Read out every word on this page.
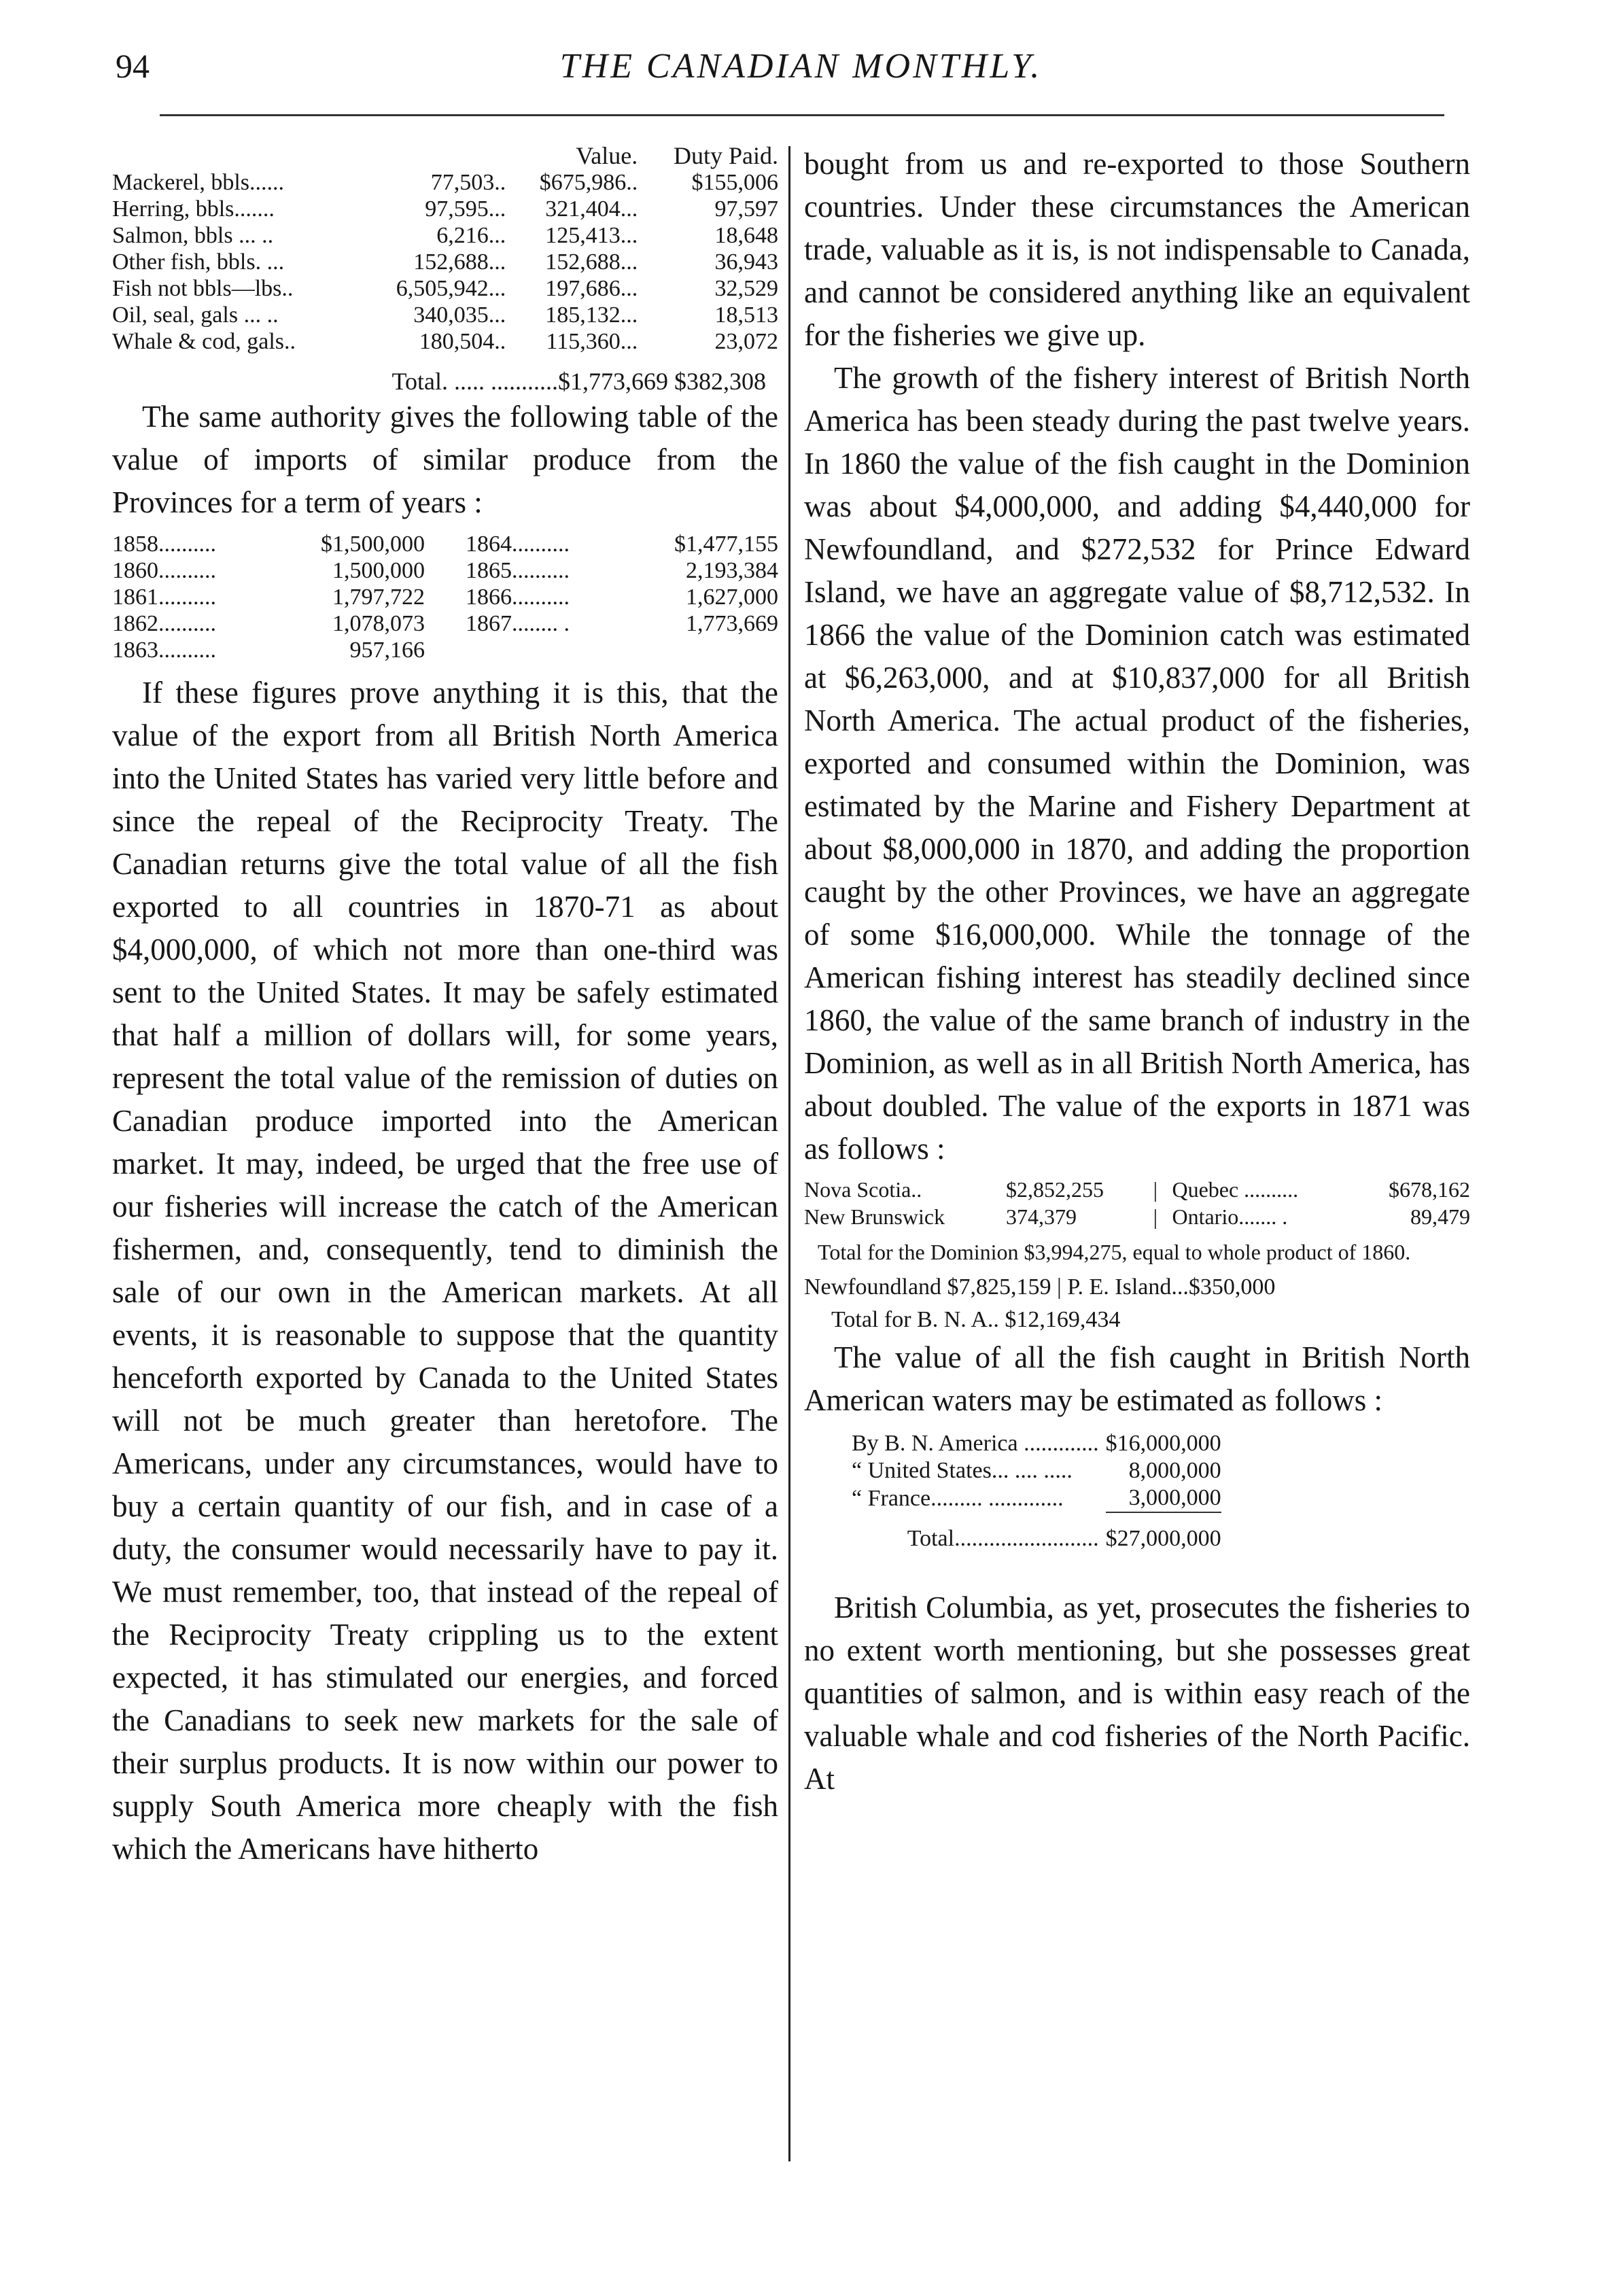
94	THE CANADIAN MONTHLY.
		Value.	Duty Paid.
Mackerel, bbls......	77,503..	$675,986..	$155,006
Herring, bbls.......	97,595...	321,404...	97,597
Salmon, bbls ... ..	6,216...	125,413...	18,648
Other fish, bbls. ...	152,688...	152,688...	36,943
Fish not bbls—lbs..	6,505,942...	197,686...	32,529
Oil, seal, gals ... ..	340,035...	185,132...	18,513
Whale & cod, gals..	180,504..	115,360...	23,072
Total. ..... ...........$1,773,669 $382,308

The same authority gives the following table of the value of imports of similar produce from the Provinces for a term of years :

1858..........	$1,500,000		1864..........	$1,477,155
1860..........	1,500,000		1865..........	2,193,384
1861..........	1,797,722		1866..........	1,627,000
1862..........	1,078,073		1867........ .	1,773,669
1863..........	957,166			

If these figures prove anything it is this, that the value of the export from all British North America into the United States has varied very little before and since the repeal of the Reciprocity Treaty. The Canadian returns give the total value of all the fish exported to all countries in 1870-71 as about $4,000,000, of which not more than one-third was sent to the United States. It may be safely estimated that half a million of dollars will, for some years, represent the total value of the remission of duties on Canadian produce imported into the American market. It may, indeed, be urged that the free use of our fisheries will increase the catch of the American fishermen, and, consequently, tend to diminish the sale of our own in the American markets. At all events, it is reasonable to suppose that the quantity henceforth exported by Canada to the United States will not be much greater than heretofore. The Americans, under any circumstances, would have to buy a certain quantity of our fish, and in case of a duty, the consumer would necessarily have to pay it. We must remember, too, that instead of the repeal of the Reciprocity Treaty crippling us to the extent expected, it has stimulated our energies, and forced the Canadians to seek new markets for the sale of their surplus products. It is now within our power to supply South America more cheaply with the fish which the Americans have hitherto

bought from us and re-exported to those Southern countries. Under these circumstances the American trade, valuable as it is, is not indispensable to Canada, and cannot be considered anything like an equivalent for the fisheries we give up.

The growth of the fishery interest of British North America has been steady during the past twelve years. In 1860 the value of the fish caught in the Dominion was about $4,000,000, and adding $4,440,000 for Newfoundland, and $272,532 for Prince Edward Island, we have an aggregate value of $8,712,532. In 1866 the value of the Dominion catch was estimated at $6,263,000, and at $10,837,000 for all British North America. The actual product of the fisheries, exported and consumed within the Dominion, was estimated by the Marine and Fishery Department at about $8,000,000 in 1870, and adding the proportion caught by the other Provinces, we have an aggregate of some $16,000,000. While the tonnage of the American fishing interest has steadily declined since 1860, the value of the same branch of industry in the Dominion, as well as in all British North America, has about doubled. The value of the exports in 1871 was as follows :

Nova Scotia..	$2,852,255	|	Quebec ..........	$678,162
New Brunswick	374,379	|	Ontario....... .	89,479

Total for the Dominion $3,994,275, equal to whole product of 1860.

Newfoundland $7,825,159 | P. E. Island...$350,000

Total for B. N. A.. $12,169,434

The value of all the fish caught in British North American waters may be estimated as follows :

By B. N. America .............	$16,000,000
“ United States... .... .....	8,000,000
“ France......... .............	3,000,000
Total.........................	$27,000,000

British Columbia, as yet, prosecutes the fisheries to no extent worth mentioning, but she possesses great quantities of salmon, and is within easy reach of the valuable whale and cod fisheries of the North Pacific. At
